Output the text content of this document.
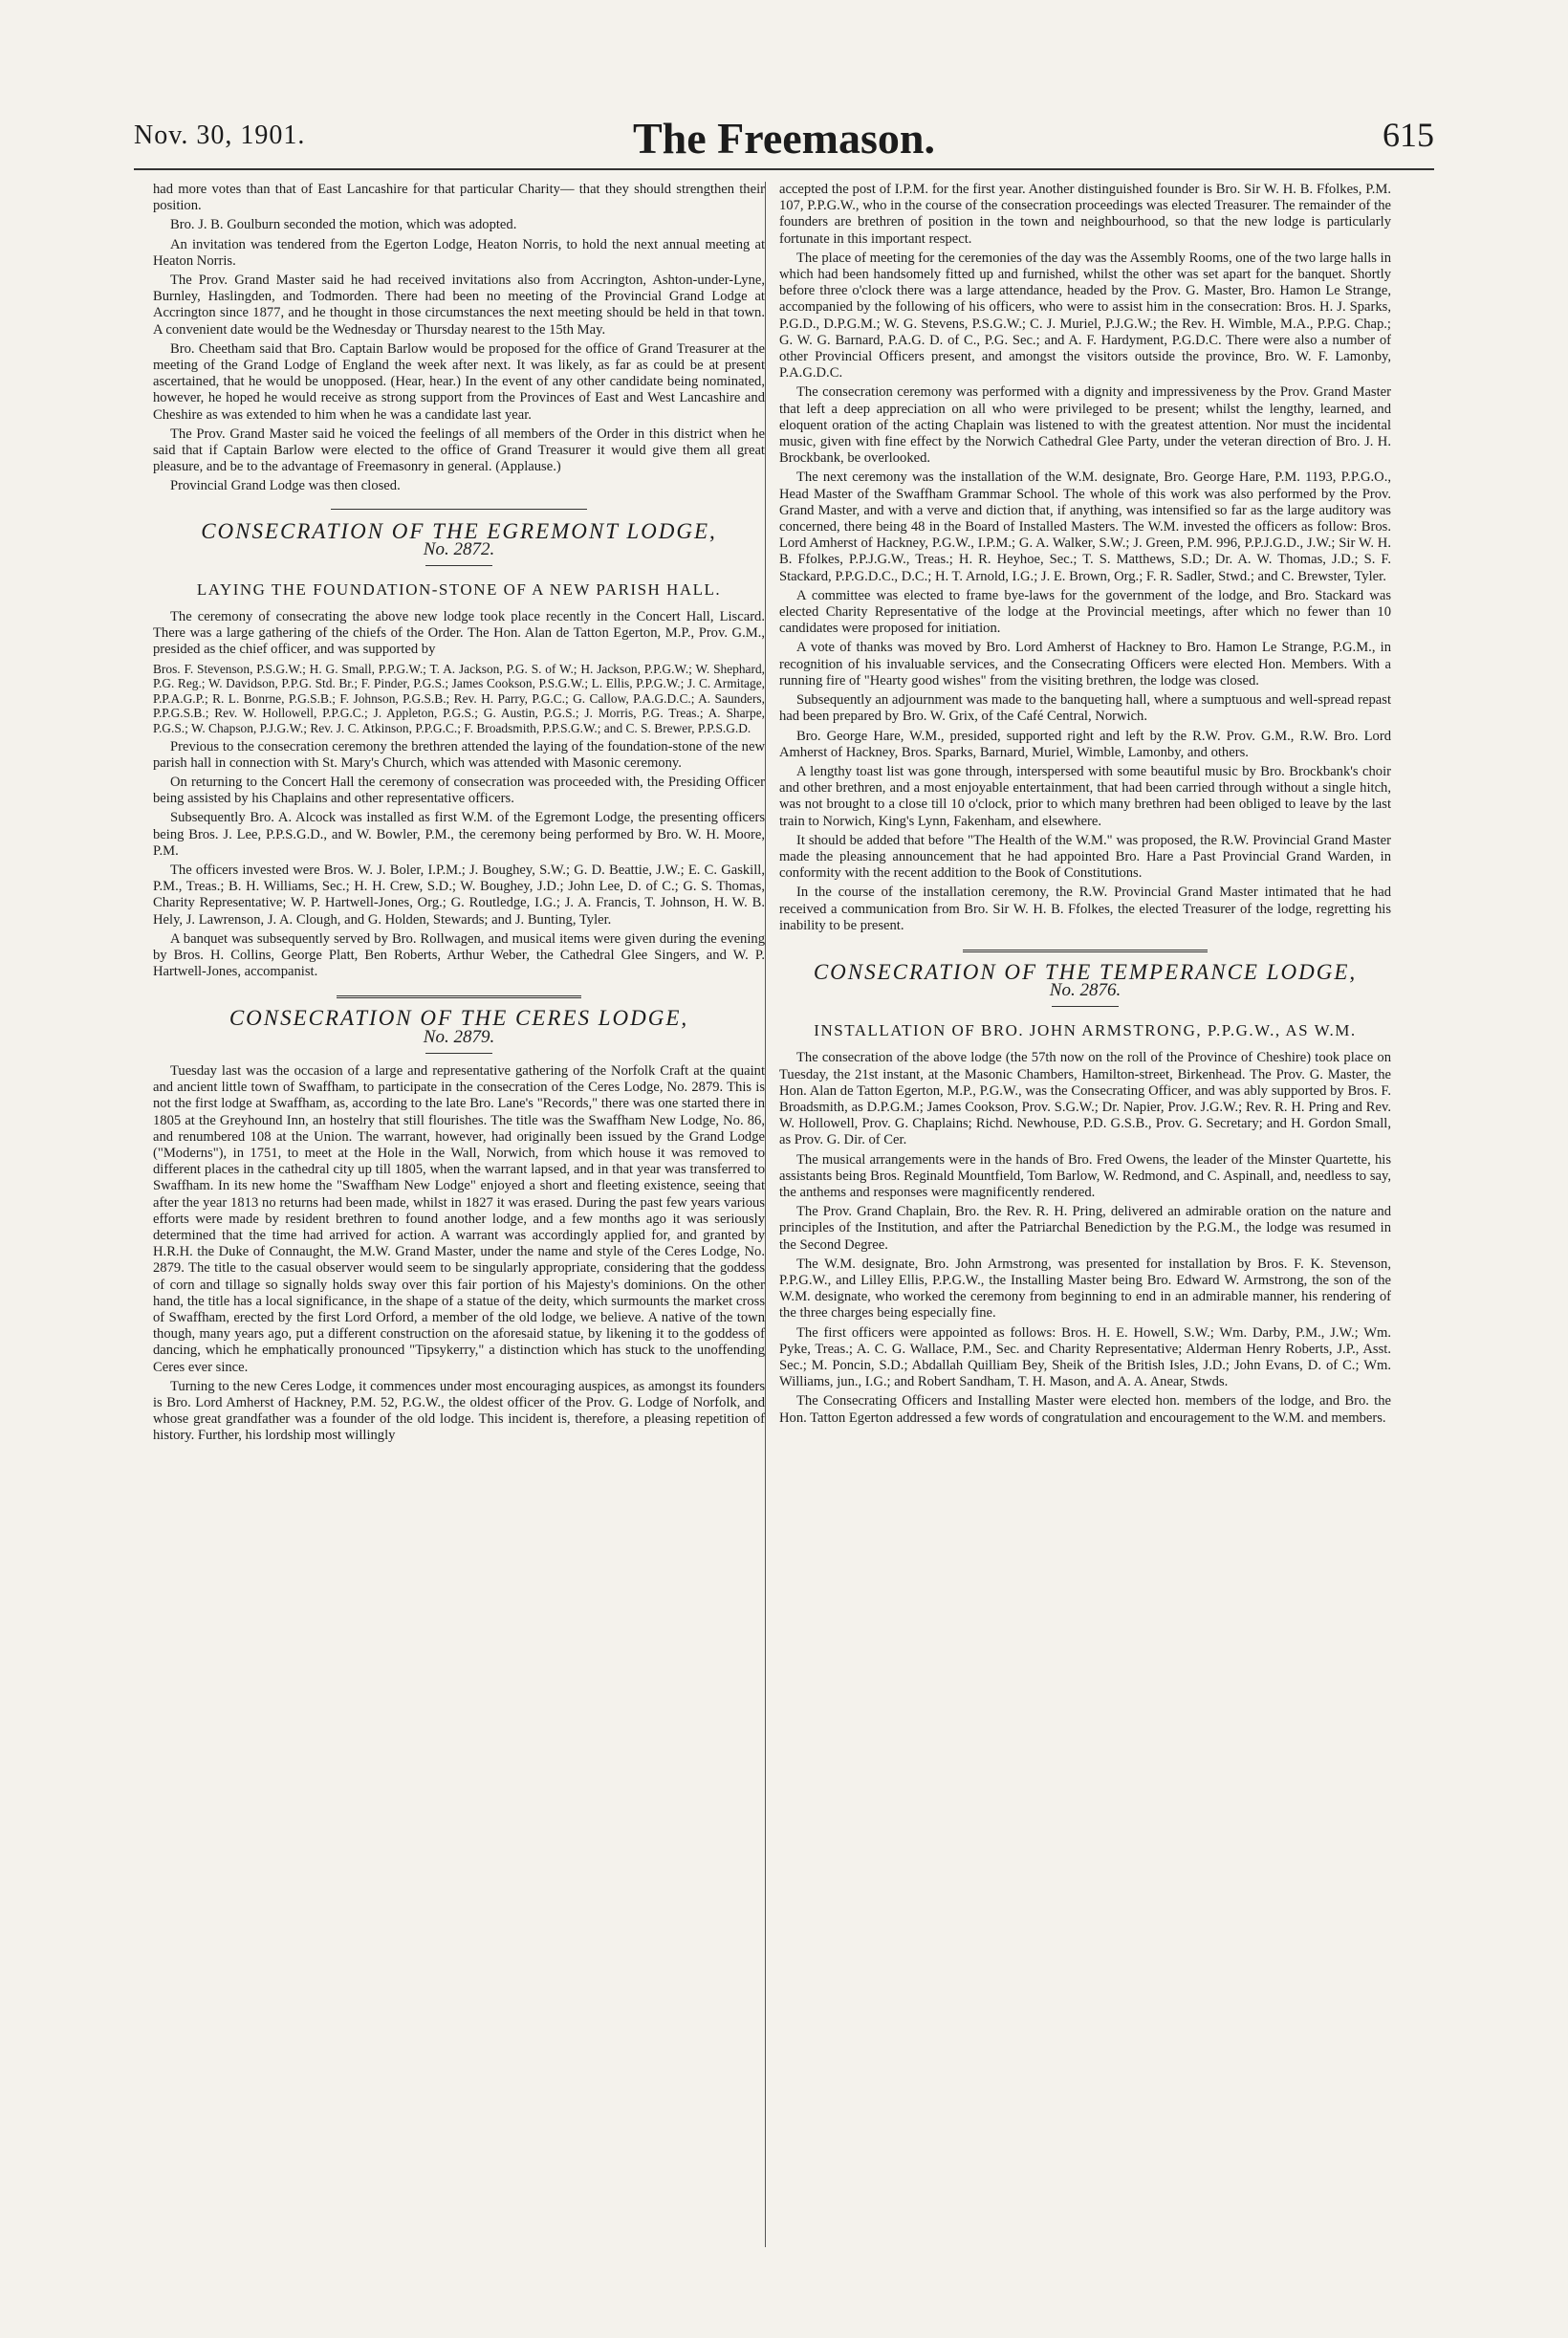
Nov. 30, 1901.	The Freemason.	615

had more votes than that of East Lancashire for that particular Charity— that they should strengthen their position.

Bro. J. B. Goulburn seconded the motion, which was adopted.

An invitation was tendered from the Egerton Lodge, Heaton Norris, to hold the next annual meeting at Heaton Norris.

The Prov. Grand Master said he had received invitations also from Accrington, Ashton-under-Lyne, Burnley, Haslingden, and Todmorden. There had been no meeting of the Provincial Grand Lodge at Accrington since 1877, and he thought in those circumstances the next meeting should be held in that town. A convenient date would be the Wednesday or Thursday nearest to the 15th May.

Bro. Cheetham said that Bro. Captain Barlow would be proposed for the office of Grand Treasurer at the meeting of the Grand Lodge of England the week after next. It was likely, as far as could be at present ascertained, that he would be unopposed. (Hear, hear.) In the event of any other candidate being nominated, however, he hoped he would receive as strong support from the Provinces of East and West Lancashire and Cheshire as was extended to him when he was a candidate last year.

The Prov. Grand Master said he voiced the feelings of all members of the Order in this district when he said that if Captain Barlow were elected to the office of Grand Treasurer it would give them all great pleasure, and be to the advantage of Freemasonry in general. (Applause.)

Provincial Grand Lodge was then closed.

CONSECRATION OF THE EGREMONT LODGE,
No. 2872.
LAYING THE FOUNDATION-STONE OF A NEW PARISH HALL.

The ceremony of consecrating the above new lodge took place recently in the Concert Hall, Liscard. There was a large gathering of the chiefs of the Order. The Hon. Alan de Tatton Egerton, M.P., Prov. G.M., presided as the chief officer, and was supported by

Bros. F. Stevenson, P.S.G.W.; H. G. Small, P.P.G.W.; T. A. Jackson, P.G. S. of W.; H. Jackson, P.P.G.W.; W. Shephard, P.G. Reg.; W. Davidson, P.P.G. Std. Br.; F. Pinder, P.G.S.; James Cookson, P.S.G.W.; L. Ellis, P.P.G.W.; J. C. Armitage, P.P.A.G.P.; R. L. Bonrne, P.G.S.B.; F. Johnson, P.G.S.B.; Rev. H. Parry, P.G.C.; G. Callow, P.A.G.D.C.; A. Saunders, P.P.G.S.B.; Rev. W. Hollowell, P.P.G.C.; J. Appleton, P.G.S.; G. Austin, P.G.S.; J. Morris, P.G. Treas.; A. Sharpe, P.G.S.; W. Chapson, P.J.G.W.; Rev. J. C. Atkinson, P.P.G.C.; F. Broadsmith, P.P.S.G.W.; and C. S. Brewer, P.P.S.G.D.

Previous to the consecration ceremony the brethren attended the laying of the foundation-stone of the new parish hall in connection with St. Mary's Church, which was attended with Masonic ceremony.

On returning to the Concert Hall the ceremony of consecration was proceeded with, the Presiding Officer being assisted by his Chaplains and other representative officers.

Subsequently Bro. A. Alcock was installed as first W.M. of the Egremont Lodge, the presenting officers being Bros. J. Lee, P.P.S.G.D., and W. Bowler, P.M., the ceremony being performed by Bro. W. H. Moore, P.M.

The officers invested were Bros. W. J. Boler, I.P.M.; J. Boughey, S.W.; G. D. Beattie, J.W.; E. C. Gaskill, P.M., Treas.; B. H. Williams, Sec.; H. H. Crew, S.D.; W. Boughey, J.D.; John Lee, D. of C.; G. S. Thomas, Charity Representative; W. P. Hartwell-Jones, Org.; G. Routledge, I.G.; J. A. Francis, T. Johnson, H. W. B. Hely, J. Lawrenson, J. A. Clough, and G. Holden, Stewards; and J. Bunting, Tyler.

A banquet was subsequently served by Bro. Rollwagen, and musical items were given during the evening by Bros. H. Collins, George Platt, Ben Roberts, Arthur Weber, the Cathedral Glee Singers, and W. P. Hartwell-Jones, accompanist.

CONSECRATION OF THE CERES LODGE,
No. 2879.

Tuesday last was the occasion of a large and representative gathering of the Norfolk Craft at the quaint and ancient little town of Swaffham, to participate in the consecration of the Ceres Lodge, No. 2879. This is not the first lodge at Swaffham, as, according to the late Bro. Lane's "Records," there was one started there in 1805 at the Greyhound Inn, an hostelry that still flourishes. The title was the Swaffham New Lodge, No. 86, and renumbered 108 at the Union. The warrant, however, had originally been issued by the Grand Lodge ("Moderns"), in 1751, to meet at the Hole in the Wall, Norwich, from which house it was removed to different places in the cathedral city up till 1805, when the warrant lapsed, and in that year was transferred to Swaffham. In its new home the "Swaffham New Lodge" enjoyed a short and fleeting existence, seeing that after the year 1813 no returns had been made, whilst in 1827 it was erased. During the past few years various efforts were made by resident brethren to found another lodge, and a few months ago it was seriously determined that the time had arrived for action. A warrant was accordingly applied for, and granted by H.R.H. the Duke of Connaught, the M.W. Grand Master, under the name and style of the Ceres Lodge, No. 2879. The title to the casual observer would seem to be singularly appropriate, considering that the goddess of corn and tillage so signally holds sway over this fair portion of his Majesty's dominions. On the other hand, the title has a local significance, in the shape of a statue of the deity, which surmounts the market cross of Swaffham, erected by the first Lord Orford, a member of the old lodge, we believe. A native of the town though, many years ago, put a different construction on the aforesaid statue, by likening it to the goddess of dancing, which he emphatically pronounced "Tipsykerry," a distinction which has stuck to the unoffending Ceres ever since.

Turning to the new Ceres Lodge, it commences under most encouraging auspices, as amongst its founders is Bro. Lord Amherst of Hackney, P.M. 52, P.G.W., the oldest officer of the Prov. G. Lodge of Norfolk, and whose great grandfather was a founder of the old lodge. This incident is, therefore, a pleasing repetition of history. Further, his lordship most willingly

accepted the post of I.P.M. for the first year. Another distinguished founder is Bro. Sir W. H. B. Ffolkes, P.M. 107, P.P.G.W., who in the course of the consecration proceedings was elected Treasurer. The remainder of the founders are brethren of position in the town and neighbourhood, so that the new lodge is particularly fortunate in this important respect.

The place of meeting for the ceremonies of the day was the Assembly Rooms, one of the two large halls in which had been handsomely fitted up and furnished, whilst the other was set apart for the banquet. Shortly before three o'clock there was a large attendance, headed by the Prov. G. Master, Bro. Hamon Le Strange, accompanied by the following of his officers, who were to assist him in the consecration: Bros. H. J. Sparks, P.G.D., D.P.G.M.; W. G. Stevens, P.S.G.W.; C. J. Muriel, P.J.G.W.; the Rev. H. Wimble, M.A., P.P.G. Chap.; G. W. G. Barnard, P.A.G. D. of C., P.G. Sec.; and A. F. Hardyment, P.G.D.C. There were also a number of other Provincial Officers present, and amongst the visitors outside the province, Bro. W. F. Lamonby, P.A.G.D.C.

The consecration ceremony was performed with a dignity and impressiveness by the Prov. Grand Master that left a deep appreciation on all who were privileged to be present; whilst the lengthy, learned, and eloquent oration of the acting Chaplain was listened to with the greatest attention. Nor must the incidental music, given with fine effect by the Norwich Cathedral Glee Party, under the veteran direction of Bro. J. H. Brockbank, be overlooked.

The next ceremony was the installation of the W.M. designate, Bro. George Hare, P.M. 1193, P.P.G.O., Head Master of the Swaffham Grammar School. The whole of this work was also performed by the Prov. Grand Master, and with a verve and diction that, if anything, was intensified so far as the large auditory was concerned, there being 48 in the Board of Installed Masters. The W.M. invested the officers as follow: Bros. Lord Amherst of Hackney, P.G.W., I.P.M.; G. A. Walker, S.W.; J. Green, P.M. 996, P.P.J.G.D., J.W.; Sir W. H. B. Ffolkes, P.P.J.G.W., Treas.; H. R. Heyhoe, Sec.; T. S. Matthews, S.D.; Dr. A. W. Thomas, J.D.; S. F. Stackard, P.P.G.D.C., D.C.; H. T. Arnold, I.G.; J. E. Brown, Org.; F. R. Sadler, Stwd.; and C. Brewster, Tyler.

A committee was elected to frame bye-laws for the government of the lodge, and Bro. Stackard was elected Charity Representative of the lodge at the Provincial meetings, after which no fewer than 10 candidates were proposed for initiation.

A vote of thanks was moved by Bro. Lord Amherst of Hackney to Bro. Hamon Le Strange, P.G.M., in recognition of his invaluable services, and the Consecrating Officers were elected Hon. Members. With a running fire of "Hearty good wishes" from the visiting brethren, the lodge was closed.

Subsequently an adjournment was made to the banqueting hall, where a sumptuous and well-spread repast had been prepared by Bro. W. Grix, of the Café Central, Norwich.

Bro. George Hare, W.M., presided, supported right and left by the R.W. Prov. G.M., R.W. Bro. Lord Amherst of Hackney, Bros. Sparks, Barnard, Muriel, Wimble, Lamonby, and others.

A lengthy toast list was gone through, interspersed with some beautiful music by Bro. Brockbank's choir and other brethren, and a most enjoyable entertainment, that had been carried through without a single hitch, was not brought to a close till 10 o'clock, prior to which many brethren had been obliged to leave by the last train to Norwich, King's Lynn, Fakenham, and elsewhere.

It should be added that before "The Health of the W.M." was proposed, the R.W. Provincial Grand Master made the pleasing announcement that he had appointed Bro. Hare a Past Provincial Grand Warden, in conformity with the recent addition to the Book of Constitutions.

In the course of the installation ceremony, the R.W. Provincial Grand Master intimated that he had received a communication from Bro. Sir W. H. B. Ffolkes, the elected Treasurer of the lodge, regretting his inability to be present.

CONSECRATION OF THE TEMPERANCE LODGE,
No. 2876.
INSTALLATION OF BRO. JOHN ARMSTRONG, P.P.G.W., AS W.M.

The consecration of the above lodge (the 57th now on the roll of the Province of Cheshire) took place on Tuesday, the 21st instant, at the Masonic Chambers, Hamilton-street, Birkenhead. The Prov. G. Master, the Hon. Alan de Tatton Egerton, M.P., P.G.W., was the Consecrating Officer, and was ably supported by Bros. F. Broadsmith, as D.P.G.M.; James Cookson, Prov. S.G.W.; Dr. Napier, Prov. J.G.W.; Rev. R. H. Pring and Rev. W. Hollowell, Prov. G. Chaplains; Richd. Newhouse, P.D. G.S.B., Prov. G. Secretary; and H. Gordon Small, as Prov. G. Dir. of Cer.

The musical arrangements were in the hands of Bro. Fred Owens, the leader of the Minster Quartette, his assistants being Bros. Reginald Mountfield, Tom Barlow, W. Redmond, and C. Aspinall, and, needless to say, the anthems and responses were magnificently rendered.

The Prov. Grand Chaplain, Bro. the Rev. R. H. Pring, delivered an admirable oration on the nature and principles of the Institution, and after the Patriarchal Benediction by the P.G.M., the lodge was resumed in the Second Degree.

The W.M. designate, Bro. John Armstrong, was presented for installation by Bros. F. K. Stevenson, P.P.G.W., and Lilley Ellis, P.P.G.W., the Installing Master being Bro. Edward W. Armstrong, the son of the W.M. designate, who worked the ceremony from beginning to end in an admirable manner, his rendering of the three charges being especially fine.

The first officers were appointed as follows: Bros. H. E. Howell, S.W.; Wm. Darby, P.M., J.W.; Wm. Pyke, Treas.; A. C. G. Wallace, P.M., Sec. and Charity Representative; Alderman Henry Roberts, J.P., Asst. Sec.; M. Poncin, S.D.; Abdallah Quilliam Bey, Sheik of the British Isles, J.D.; John Evans, D. of C.; Wm. Williams, jun., I.G.; and Robert Sandham, T. H. Mason, and A. A. Anear, Stwds.

The Consecrating Officers and Installing Master were elected hon. members of the lodge, and Bro. the Hon. Tatton Egerton addressed a few words of congratulation and encouragement to the W.M. and members.
